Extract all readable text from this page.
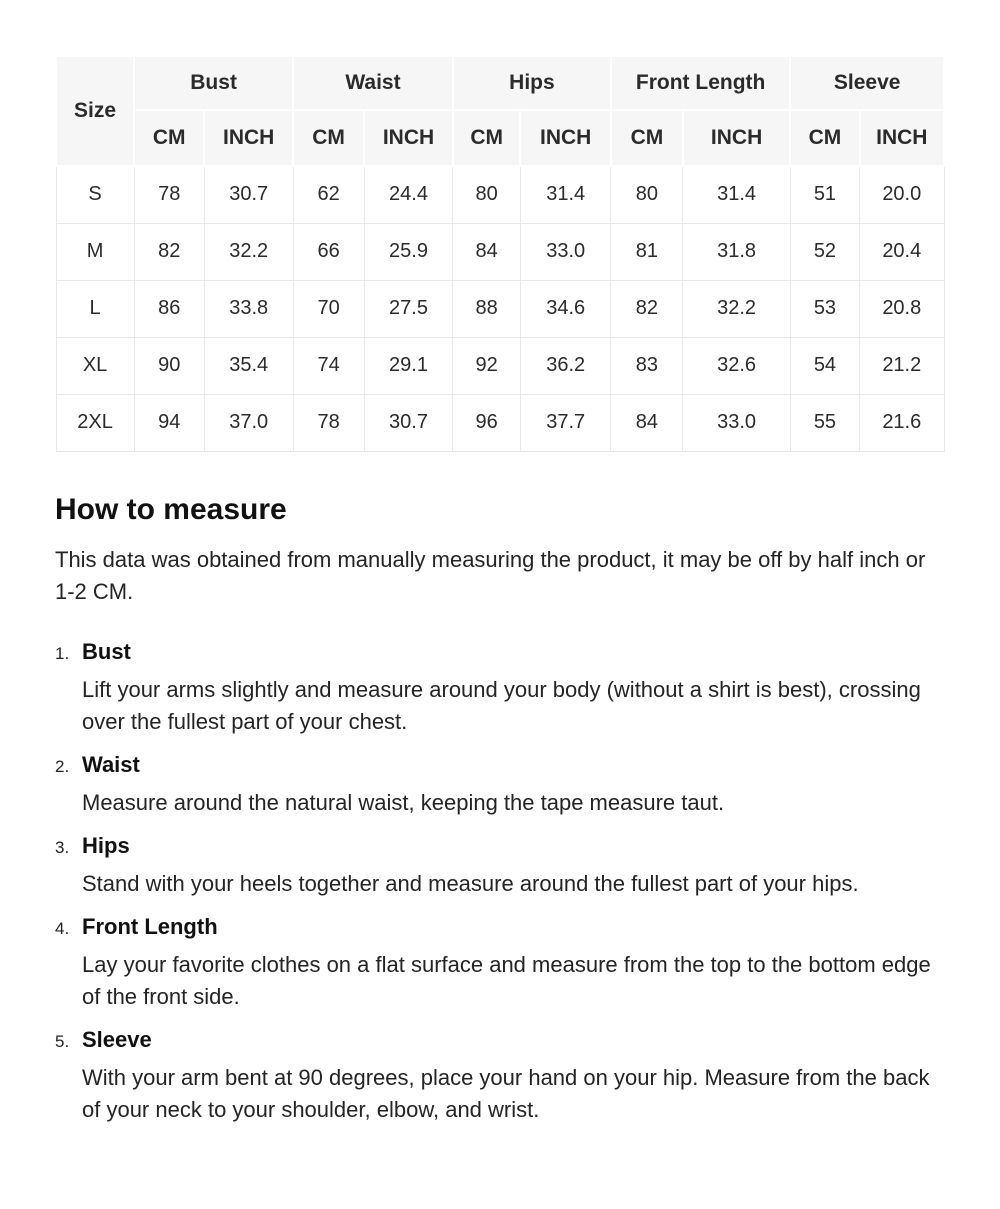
Size	Bust		Waist		Hips		Front Length		Sleeve	
	CM	INCH	CM	INCH	CM	INCH	CM	INCH	CM	INCH
S	78	30.7	62	24.4	80	31.4	80	31.4	51	20.0
M	82	32.2	66	25.9	84	33.0	81	31.8	52	20.4
L	86	33.8	70	27.5	88	34.6	82	32.2	53	20.8
XL	90	35.4	74	29.1	92	36.2	83	32.6	54	21.2
2XL	94	37.0	78	30.7	96	37.7	84	33.0	55	21.6
How to measure

This data was obtained from manually measuring the product, it may be off by half inch or 1-2 CM.

1. Bust
Lift your arms slightly and measure around your body (without a shirt is best), crossing over the fullest part of your chest.
2. Waist
Measure around the natural waist, keeping the tape measure taut.
3. Hips
Stand with your heels together and measure around the fullest part of your hips.
4. Front Length
Lay your favorite clothes on a flat surface and measure from the top to the bottom edge of the front side.
5. Sleeve
With your arm bent at 90 degrees, place your hand on your hip. Measure from the back of your neck to your shoulder, elbow, and wrist.
